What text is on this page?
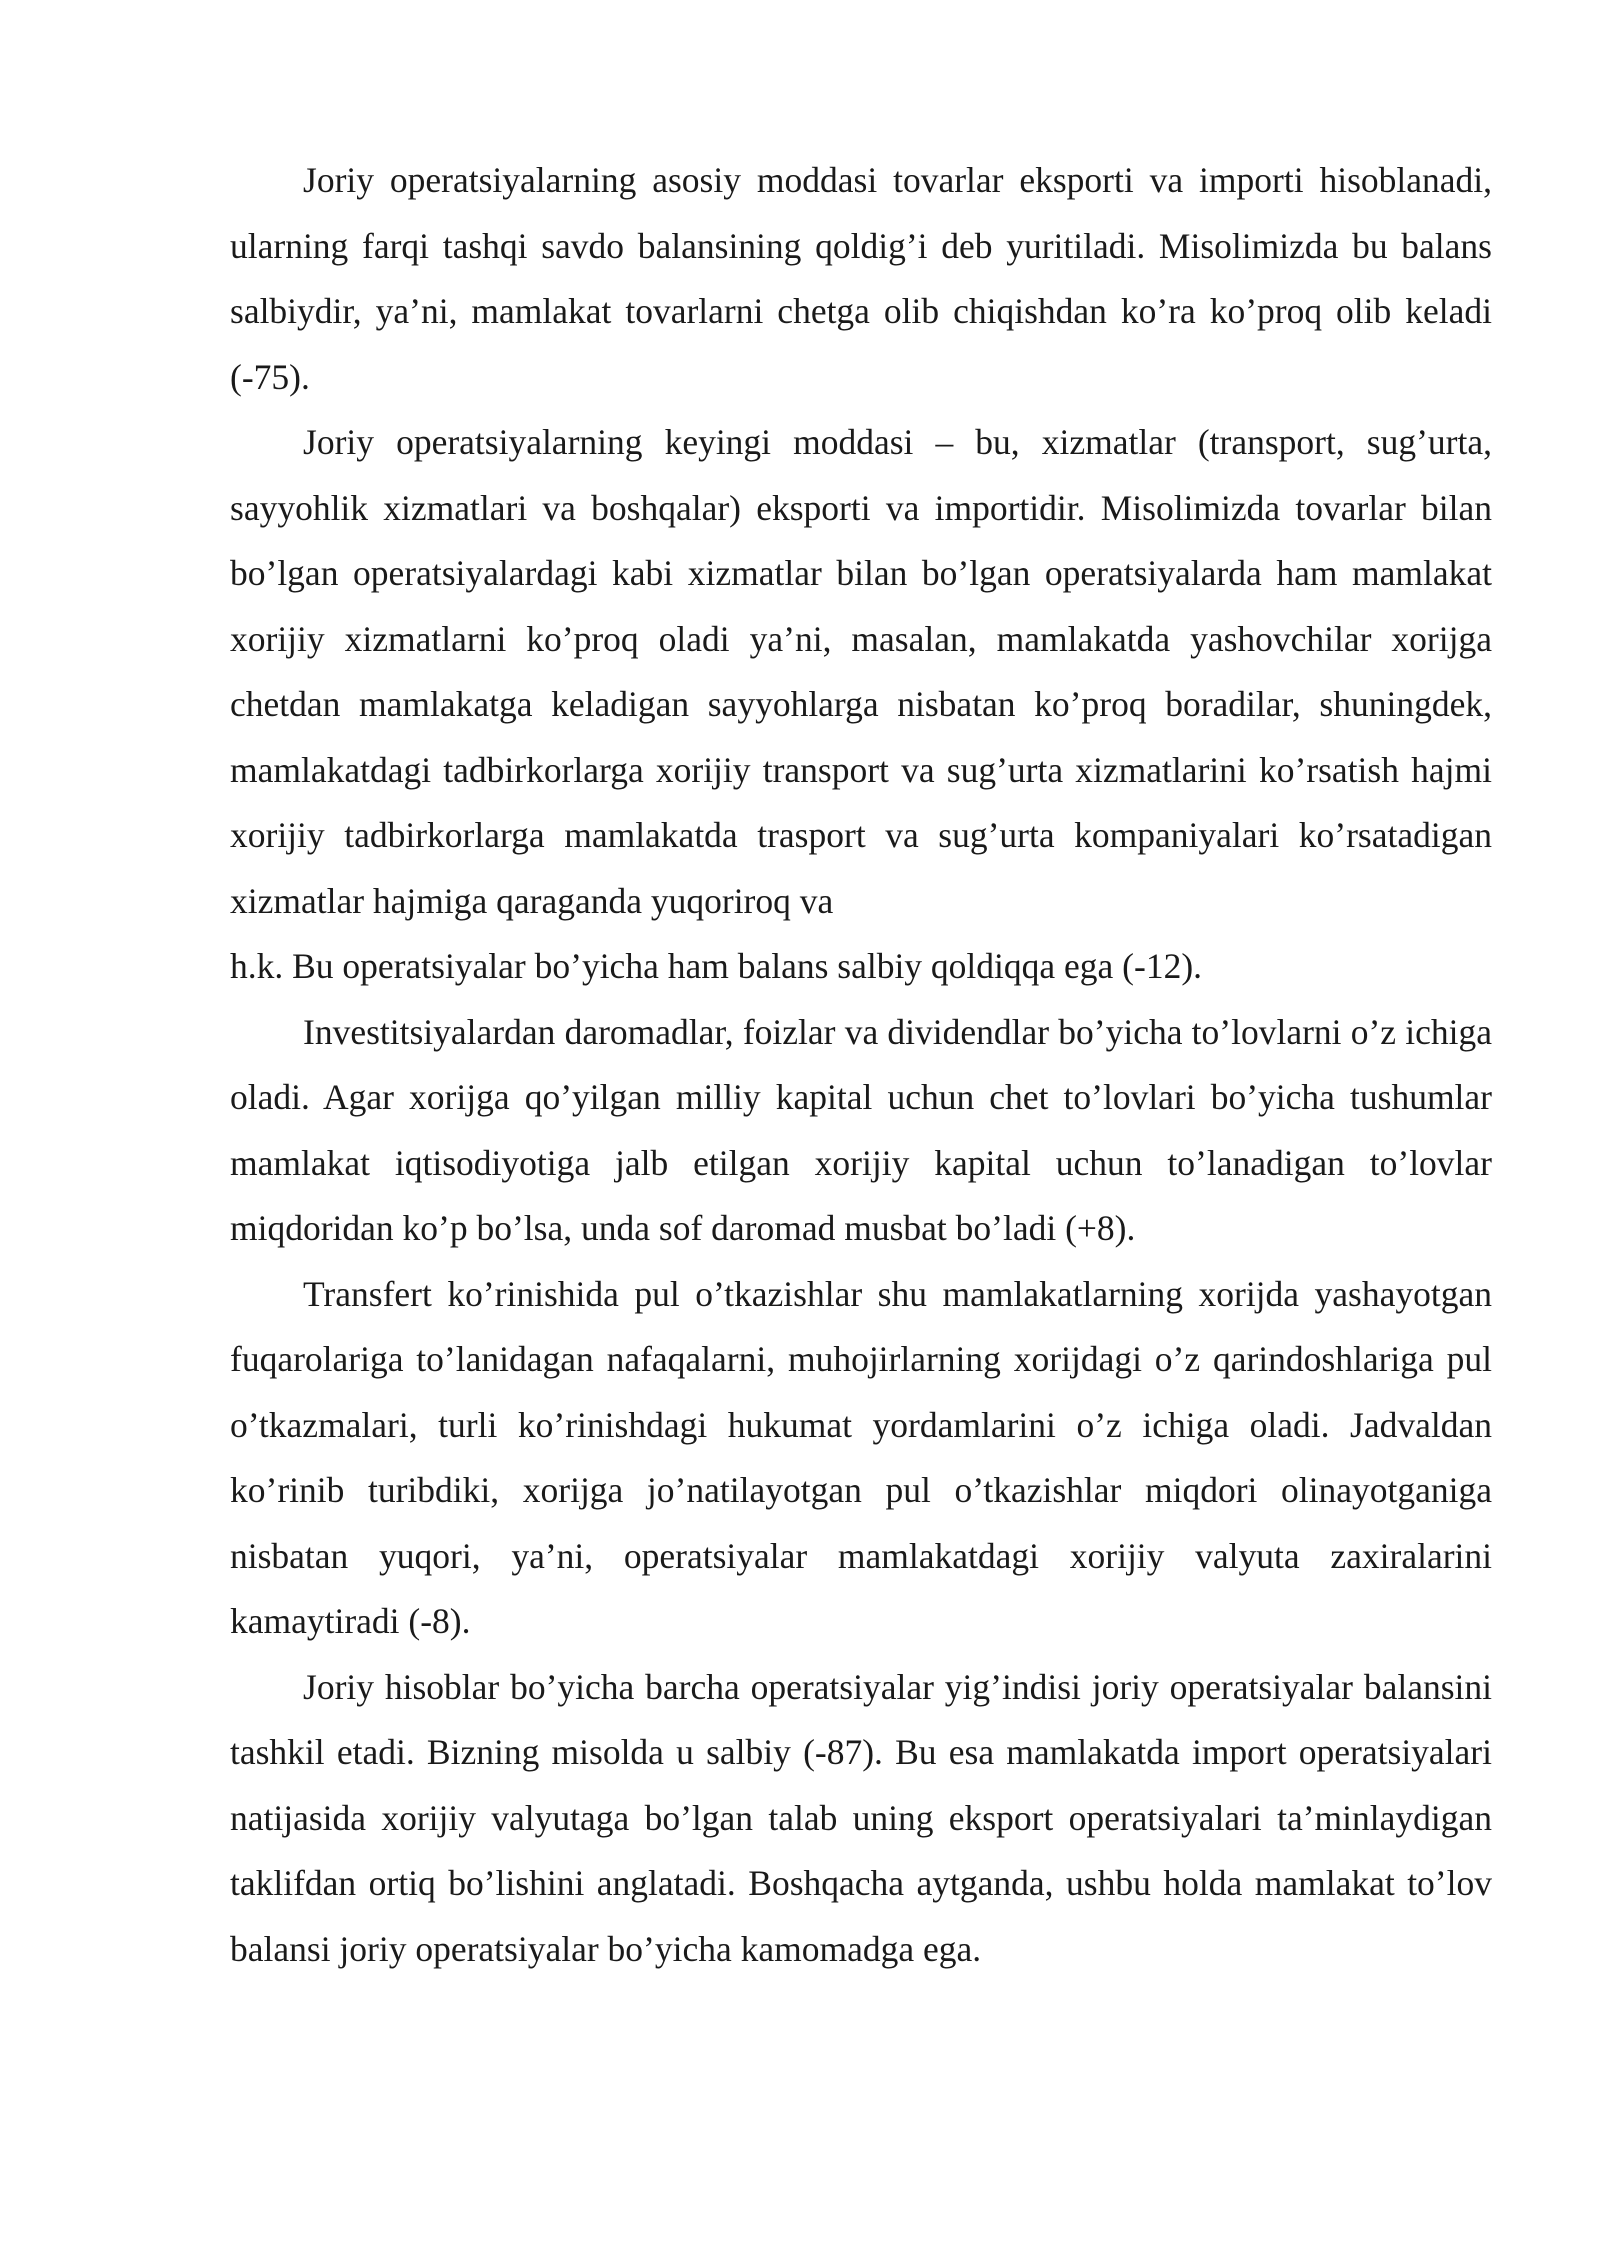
Joriy operatsiyalarning asosiy moddasi tovarlar eksporti va importi hisoblanadi, ularning farqi tashqi savdo balansining qoldig’i deb yuritiladi. Misolimizda bu balans salbiydir, ya’ni, mamlakat tovarlarni chetga olib chiqishdan ko’ra ko’proq olib keladi (-75).

Joriy operatsiyalarning keyingi moddasi – bu, xizmatlar (transport, sug’urta, sayyohlik xizmatlari va boshqalar) eksporti va importidir. Misolimizda tovarlar bilan bo’lgan operatsiyalardagi kabi xizmatlar bilan bo’lgan operatsiyalarda ham mamlakat xorijiy xizmatlarni ko’proq oladi ya’ni, masalan, mamlakatda yashovchilar xorijga chetdan mamlakatga keladigan sayyohlarga nisbatan ko’proq boradilar, shuningdek, mamlakatdagi tadbirkorlarga xorijiy transport va sug’urta xizmatlarini ko’rsatish hajmi xorijiy tadbirkorlarga mamlakatda trasport va sug’urta kompaniyalari ko’rsatadigan xizmatlar hajmiga qaraganda yuqoriroq va

h.k. Bu operatsiyalar bo’yicha ham balans salbiy qoldiqqa ega (-12).

Investitsiyalardan daromadlar, foizlar va dividendlar bo’yicha to’lovlarni o’z ichiga oladi. Agar xorijga qo’yilgan milliy kapital uchun chet to’lovlari bo’yicha tushumlar mamlakat iqtisodiyotiga jalb etilgan xorijiy kapital uchun to’lanadigan to’lovlar miqdoridan ko’p bo’lsa, unda sof daromad musbat bo’ladi (+8).

Transfert ko’rinishida pul o’tkazishlar shu mamlakatlarning xorijda yashayotgan fuqarolariga to’lanidagan nafaqalarni, muhojirlarning xorijdagi o’z qarindoshlariga pul o’tkazmalari, turli ko’rinishdagi hukumat yordamlarini o’z ichiga oladi. Jadvaldan ko’rinib turibdiki, xorijga jo’natilayotgan pul o’tkazishlar miqdori olinayotganiga nisbatan yuqori, ya’ni, operatsiyalar mamlakatdagi xorijiy valyuta zaxiralarini kamaytiradi (-8).

Joriy hisoblar bo’yicha barcha operatsiyalar yig’indisi joriy operatsiyalar balansini tashkil etadi. Bizning misolda u salbiy (-87). Bu esa mamlakatda import operatsiyalari natijasida xorijiy valyutaga bo’lgan talab uning eksport operatsiyalari ta’minlaydigan taklifdan ortiq bo’lishini anglatadi. Boshqacha aytganda, ushbu holda mamlakat to’lov balansi joriy operatsiyalar bo’yicha kamomadga ega.
